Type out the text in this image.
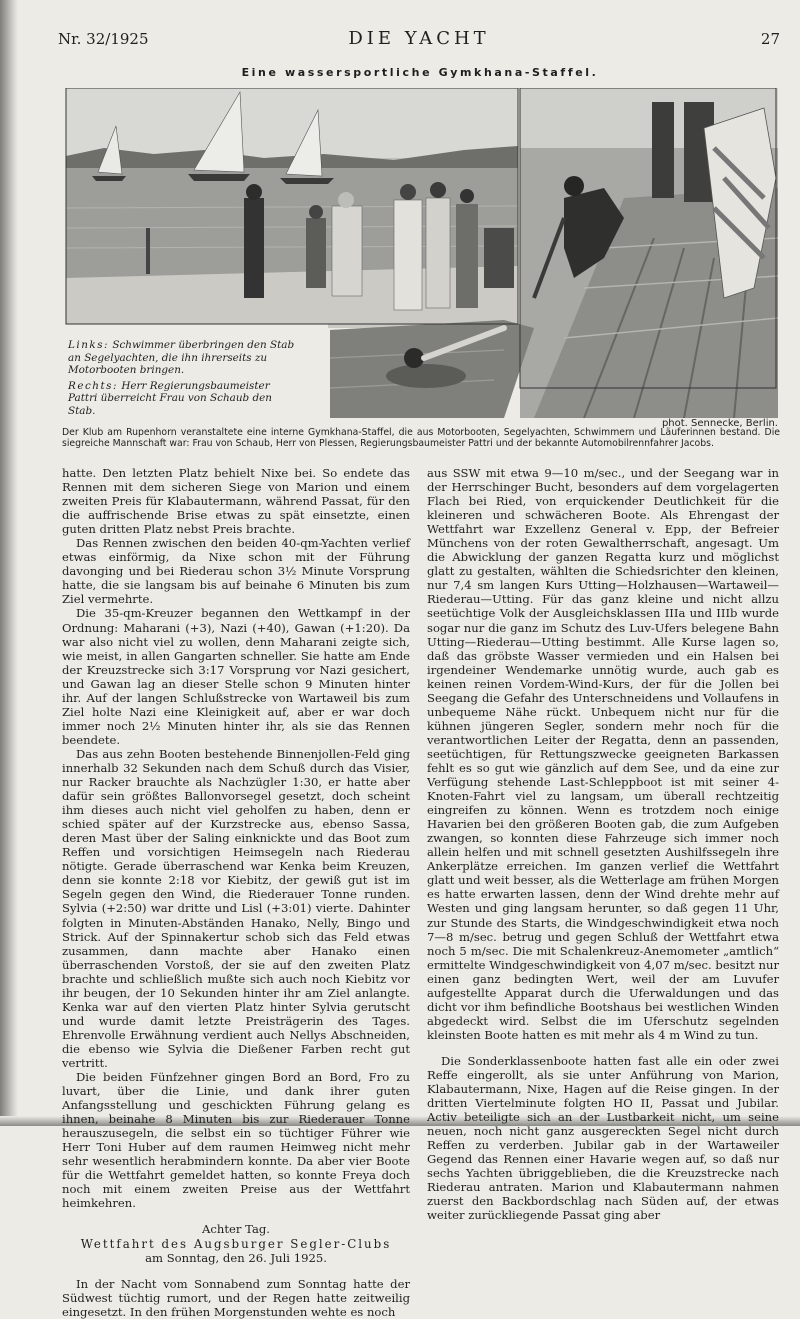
Nr. 32/1925	DIE YACHT	27
Eine wassersportliche Gymkhana-Staffel.

Links: Schwimmer überbringen den Stab an Segelyachten, die ihn ihrerseits zu Motorbooten bringen.

Rechts: Herr Regierungsbaumeister Pattri überreicht Frau von Schaub den Stab.

phot. Sennecke, Berlin.
Der Klub am Rupenhorn veranstaltete eine interne Gymkhana-Staffel, die aus Motorbooten, Segelyachten, Schwimmern und Läuferinnen bestand. Die siegreiche Mannschaft war: Frau von Schaub, Herr von Plessen, Regierungsbaumeister Pattri und der bekannte Automobilrennfahrer Jacobs.

hatte. Den letzten Platz behielt Nixe bei. So endete das Rennen mit dem sicheren Siege von Marion und einem zweiten Preis für Klabautermann, während Passat, für den die auffrischende Brise etwas zu spät einsetzte, einen guten dritten Platz nebst Preis brachte.

Das Rennen zwischen den beiden 40-qm-Yachten verlief etwas einförmig, da Nixe schon mit der Führung davonging und bei Riederau schon 3½ Minute Vorsprung hatte, die sie langsam bis auf beinahe 6 Minuten bis zum Ziel vermehrte.

Die 35-qm-Kreuzer begannen den Wettkampf in der Ordnung: Maharani (+3), Nazi (+40), Gawan (+1:20). Da war also nicht viel zu wollen, denn Maharani zeigte sich, wie meist, in allen Gangarten schneller. Sie hatte am Ende der Kreuzstrecke sich 3:17 Vorsprung vor Nazi gesichert, und Gawan lag an dieser Stelle schon 9 Minuten hinter ihr. Auf der langen Schlußstrecke von Wartaweil bis zum Ziel holte Nazi eine Kleinigkeit auf, aber er war doch immer noch 2½ Minuten hinter ihr, als sie das Rennen beendete.

Das aus zehn Booten bestehende Binnenjollen-Feld ging innerhalb 32 Sekunden nach dem Schuß durch das Visier, nur Racker brauchte als Nachzügler 1:30, er hatte aber dafür sein größtes Ballonvorsegel gesetzt, doch scheint ihm dieses auch nicht viel geholfen zu haben, denn er schied später auf der Kurzstrecke aus, ebenso Sassa, deren Mast über der Saling einknickte und das Boot zum Reffen und vorsichtigen Heimsegeln nach Riederau nötigte. Gerade überraschend war Kenka beim Kreuzen, denn sie konnte 2:18 vor Kiebitz, der gewiß gut ist im Segeln gegen den Wind, die Riederauer Tonne runden. Sylvia (+2:50) war dritte und Lisl (+3:01) vierte. Dahinter folgten in Minuten-Abständen Hanako, Nelly, Bingo und Strick. Auf der Spinnakertur schob sich das Feld etwas zusammen, dann machte aber Hanako einen überraschenden Vorstoß, der sie auf den zweiten Platz brachte und schließlich mußte sich auch noch Kiebitz vor ihr beugen, der 10 Sekunden hinter ihr am Ziel anlangte. Kenka war auf den vierten Platz hinter Sylvia gerutscht und wurde damit letzte Preisträgerin des Tages. Ehrenvolle Erwähnung verdient auch Nellys Abschneiden, die ebenso wie Sylvia die Dießener Farben recht gut vertritt.

Die beiden Fünfzehner gingen Bord an Bord, Fro zu luvart, über die Linie, und dank ihrer guten Anfangsstellung und geschickten Führung gelang es ihnen, beinahe 8 Minuten bis zur Riederauer Tonne herauszusegeln, die selbst ein so tüchtiger Führer wie Herr Toni Huber auf dem raumen Heimweg nicht mehr sehr wesentlich herabmindern konnte. Da aber vier Boote für die Wettfahrt gemeldet hatten, so konnte Freya doch noch mit einem zweiten Preise aus der Wettfahrt heimkehren.

Achter Tag.

Wettfahrt des Augsburger Segler-Clubs

am Sonntag, den 26. Juli 1925.

In der Nacht vom Sonnabend zum Sonntag hatte der Südwest tüchtig rumort, und der Regen hatte zeitweilig eingesetzt. In den frühen Morgenstunden wehte es noch

aus SSW mit etwa 9—10 m/sec., und der Seegang war in der Herrschinger Bucht, besonders auf dem vorgelagerten Flach bei Ried, von erquickender Deutlichkeit für die kleineren und schwächeren Boote. Als Ehrengast der Wettfahrt war Exzellenz General v. Epp, der Befreier Münchens von der roten Gewaltherrschaft, angesagt. Um die Abwicklung der ganzen Regatta kurz und möglichst glatt zu gestalten, wählten die Schiedsrichter den kleinen, nur 7,4 sm langen Kurs Utting—Holzhausen—Wartaweil—Riederau—Utting. Für das ganz kleine und nicht allzu seetüchtige Volk der Ausgleichsklassen IIIa und IIIb wurde sogar nur die ganz im Schutz des Luv-Ufers belegene Bahn Utting—Riederau—Utting bestimmt. Alle Kurse lagen so, daß das gröbste Wasser vermieden und ein Halsen bei irgendeiner Wendemarke unnötig wurde, auch gab es keinen reinen Vordem-Wind-Kurs, der für die Jollen bei Seegang die Gefahr des Unterschneidens und Vollaufens in unbequeme Nähe rückt. Unbequem nicht nur für die kühnen jüngeren Segler, sondern mehr noch für die verantwortlichen Leiter der Regatta, denn an passenden, seetüchtigen, für Rettungszwecke geeigneten Barkassen fehlt es so gut wie gänzlich auf dem See, und da eine zur Verfügung stehende Last-Schleppboot ist mit seiner 4-Knoten-Fahrt viel zu langsam, um überall rechtzeitig eingreifen zu können. Wenn es trotzdem noch einige Havarien bei den größeren Booten gab, die zum Aufgeben zwangen, so konnten diese Fahrzeuge sich immer noch allein helfen und mit schnell gesetzten Aushilfssegeln ihre Ankerplätze erreichen. Im ganzen verlief die Wettfahrt glatt und weit besser, als die Wetterlage am frühen Morgen es hatte erwarten lassen, denn der Wind drehte mehr auf Westen und ging langsam herunter, so daß gegen 11 Uhr, zur Stunde des Starts, die Windgeschwindigkeit etwa noch 7—8 m/sec. betrug und gegen Schluß der Wettfahrt etwa noch 5 m/sec. Die mit Schalenkreuz-Anemometer „amtlich“ ermittelte Windgeschwindigkeit von 4,07 m/sec. besitzt nur einen ganz bedingten Wert, weil der am Luvufer aufgestellte Apparat durch die Uferwaldungen und das dicht vor ihm befindliche Bootshaus bei westlichen Winden abgedeckt wird. Selbst die im Uferschutz segelnden kleinsten Boote hatten es mit mehr als 4 m Wind zu tun.

Die Sonderklassenboote hatten fast alle ein oder zwei Reffe eingerollt, als sie unter Anführung von Marion, Klabautermann, Nixe, Hagen auf die Reise gingen. In der dritten Viertelminute folgten HO II, Passat und Jubilar. Activ beteiligte sich an der Lustbarkeit nicht, um seine neuen, noch nicht ganz ausgereckten Segel nicht durch Reffen zu verderben. Jubilar gab in der Wartaweiler Gegend das Rennen einer Havarie wegen auf, so daß nur sechs Yachten übriggeblieben, die die Kreuzstrecke nach Riederau antraten. Marion und Klabautermann nahmen zuerst den Backbordschlag nach Süden auf, der etwas weiter zurückliegende Passat ging aber
